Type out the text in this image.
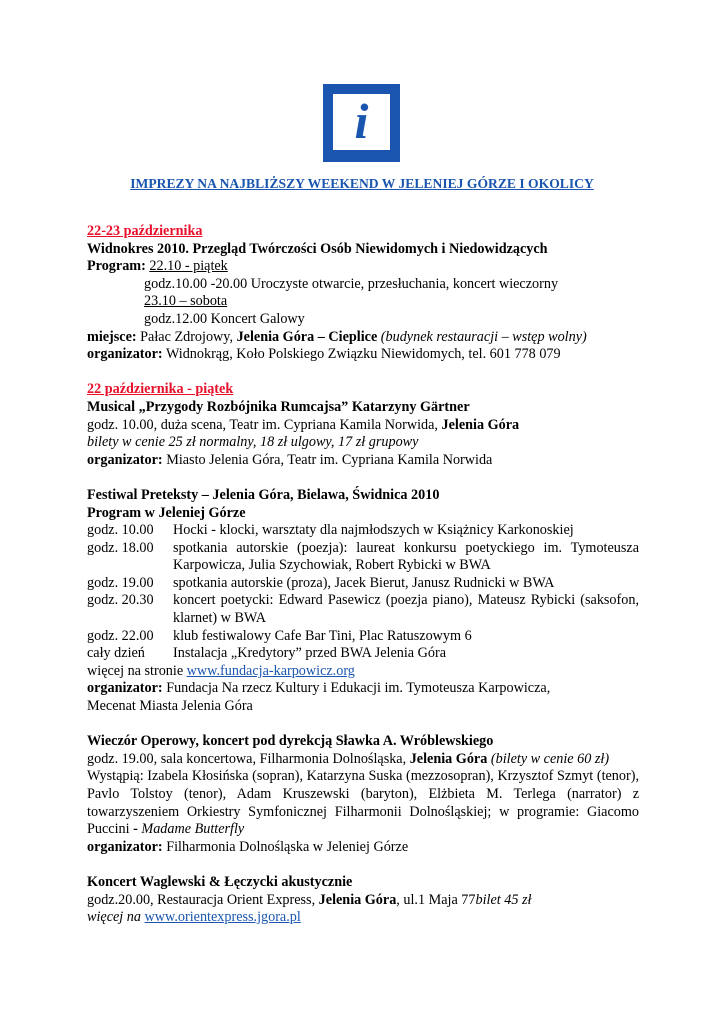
i
IMPREZY NA NAJBLIŻSZY WEEKEND W JELENIEJ GÓRZE I OKOLICY
22-23 października
Widnokres 2010. Przegląd Twórczości Osób Niewidomych i Niedowidzących
Program: 22.10 - piątek
godz.10.00 -20.00 Uroczyste otwarcie, przesłuchania, koncert wieczorny
23.10 – sobota
godz.12.00 Koncert Galowy
miejsce: Pałac Zdrojowy, Jelenia Góra – Cieplice (budynek restauracji – wstęp wolny)
organizator: Widnokrąg, Koło Polskiego Związku Niewidomych, tel. 601 778 079
22 października - piątek
Musical „Przygody Rozbójnika Rumcajsa” Katarzyny Gärtner
godz. 10.00, duża scena, Teatr im. Cypriana Kamila Norwida, Jelenia Góra
bilety w cenie 25 zł normalny, 18 zł ulgowy, 17 zł grupowy
organizator: Miasto Jelenia Góra, Teatr im. Cypriana Kamila Norwida
Festiwal Preteksty – Jelenia Góra, Bielawa, Świdnica 2010
Program w Jeleniej Górze
godz. 10.00	Hocki - klocki, warsztaty dla najmłodszych w Książnicy Karkonoskiej
godz. 18.00	spotkania autorskie (poezja): laureat konkursu poetyckiego im. Tymoteusza Karpowicza, Julia Szychowiak, Robert Rybicki w BWA
godz. 19.00	spotkania autorskie (proza), Jacek Bierut, Janusz Rudnicki w BWA
godz. 20.30	koncert poetycki: Edward Pasewicz (poezja piano), Mateusz Rybicki (saksofon, klarnet) w BWA
godz. 22.00	klub festiwalowy Cafe Bar Tini, Plac Ratuszowym 6
cały dzień	Instalacja „Kredytory” przed BWA Jelenia Góra
więcej na stronie www.fundacja-karpowicz.org
organizator: Fundacja Na rzecz Kultury i Edukacji im. Tymoteusza Karpowicza,
Mecenat Miasta Jelenia Góra
Wieczór Operowy, koncert pod dyrekcją Sławka A. Wróblewskiego
godz. 19.00, sala koncertowa, Filharmonia Dolnośląska, Jelenia Góra (bilety w cenie 60 zł)
Wystąpią: Izabela Kłosińska (sopran), Katarzyna Suska (mezzosopran), Krzysztof Szmyt (tenor), Pavlo Tolstoy (tenor), Adam Kruszewski (baryton), Elżbieta M. Terlega (narrator) z towarzyszeniem Orkiestry Symfonicznej Filharmonii Dolnośląskiej; w programie: Giacomo Puccini - Madame Butterfly
organizator: Filharmonia Dolnośląska w Jeleniej Górze
Koncert Waglewski & Łęczycki akustycznie
godz.20.00, Restauracja Orient Express, Jelenia Góra, ul.1 Maja 77bilet 45 zł
więcej na www.orientexpress.jgora.pl
